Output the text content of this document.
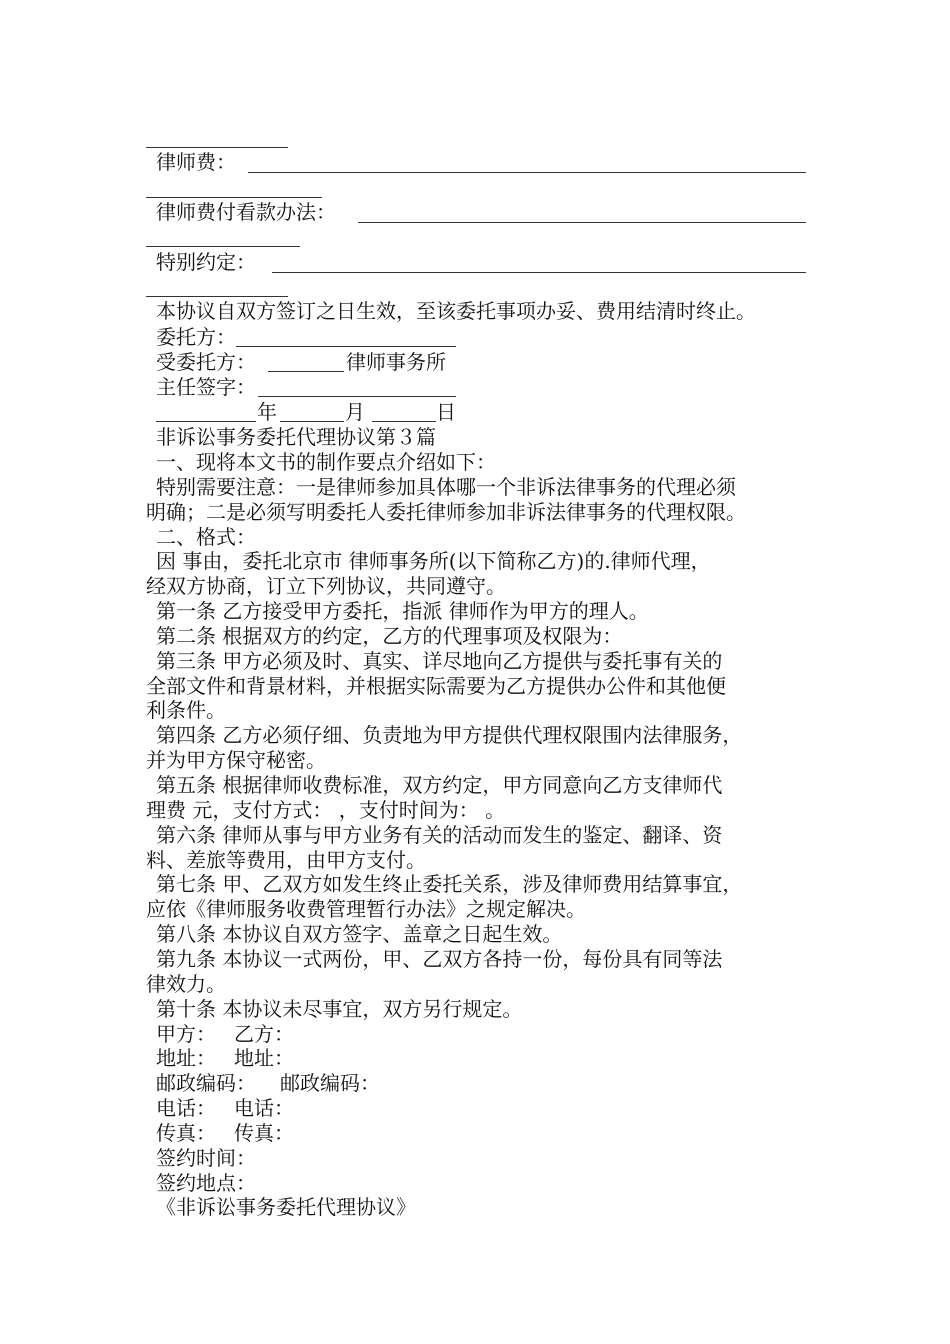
律师费：
律师费付看款办法：
特别约定：
本协议自双方签订之日生效，至该委托事项办妥、费用结清时终止。
委托方：
受委托方：	律师事务所
主任签字：
年	月	日
非诉讼事务委托代理协议第３篇
一、现将本文书的制作要点介绍如下：
特别需要注意：一是律师参加具体哪一个非诉法律事务的代理必须
明确；二是必须写明委托人委托律师参加非诉法律事务的代理权限。
二、格式：
因 事由，委托北京市 律师事务所(以下简称乙方)的.律师代理，
经双方协商，订立下列协议，共同遵守。
第一条 乙方接受甲方委托，指派 律师作为甲方的理人。
第二条 根据双方的约定，乙方的代理事项及权限为：
第三条 甲方必须及时、真实、详尽地向乙方提供与委托事有关的
全部文件和背景材料，并根据实际需要为乙方提供办公件和其他便
利条件。
第四条 乙方必须仔细、负责地为甲方提供代理权限围内法律服务，
并为甲方保守秘密。
第五条 根据律师收费标准，双方约定，甲方同意向乙方支律师代
理费 元，支付方式： ，支付时间为： 。
第六条 律师从事与甲方业务有关的活动而发生的鉴定、翻译、资
料、差旅等费用，由甲方支付。
第七条 甲、乙双方如发生终止委托关系，涉及律师费用结算事宜，
应依《律师服务收费管理暂行办法》之规定解决。
第八条 本协议自双方签字、盖章之日起生效。
第九条 本协议一式两份，甲、乙双方各持一份，每份具有同等法
律效力。
第十条 本协议未尽事宜，双方另行规定。
甲方： 乙方：
地址： 地址：
邮政编码：	邮政编码：
电话： 电话：
传真： 传真：
签约时间：
签约地点：
《非诉讼事务委托代理协议》
